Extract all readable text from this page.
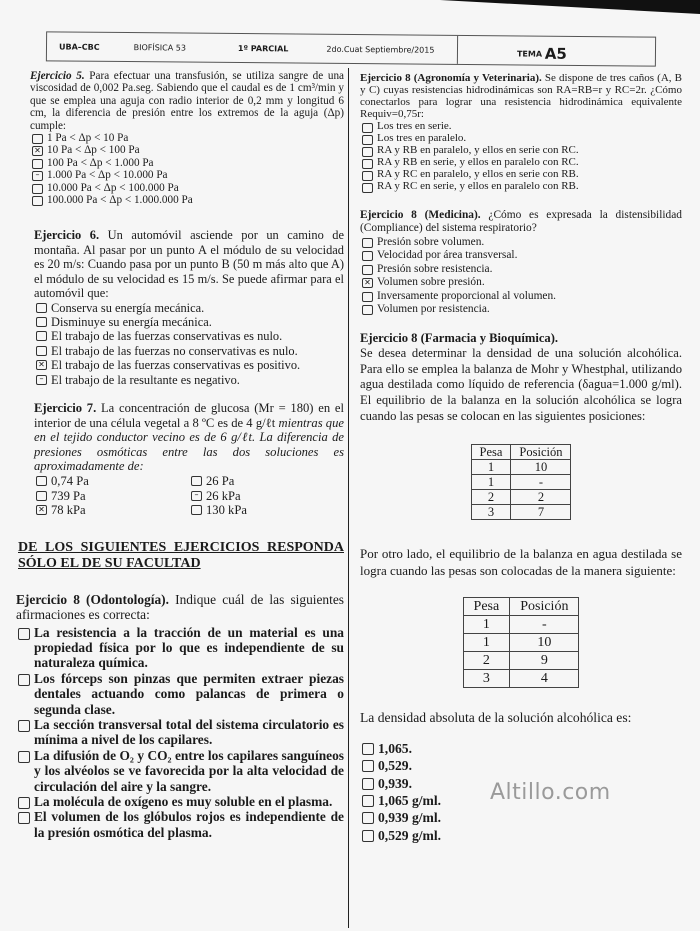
UBA–CBC	BIOFÍSICA 53	1º PARCIAL	2do.Cuat Septiembre/2015	TEMA A5

Ejercicio 5. Para efectuar una transfusión, se utiliza sangre de una viscosidad de 0,002 Pa.seg. Sabiendo que el caudal es de 1 cm³/min y que se emplea una aguja con radio interior de 0,2 mm y longitud 6 cm, la diferencia de presión entre los extremos de la aguja (Δp) cumple:

1 Pa < Δp < 10 Pa
✕
10 Pa < Δp < 100 Pa
100 Pa < Δp < 1.000 Pa
–
1.000 Pa < Δp < 10.000 Pa
10.000 Pa < Δp < 100.000 Pa
100.000 Pa < Δp < 1.000.000 Pa

Ejercicio 6. Un automóvil asciende por un camino de montaña. Al pasar por un punto A el módulo de su velocidad es 20 m/s: Cuando pasa por un punto B (50 m más alto que A) el módulo de su velocidad es 15 m/s. Se puede afirmar para el automóvil que:

Conserva su energía mecánica.
Disminuye su energía mecánica.
El trabajo de las fuerzas conservativas es nulo.
El trabajo de las fuerzas no conservativas es nulo.
✕
El trabajo de las fuerzas conservativas es positivo.
–
El trabajo de la resultante es negativo.

Ejercicio 7. La concentración de glucosa (Mr = 180) en el interior de una célula vegetal a 8 ºC es de 4 g/ℓt mientras que en el tejido conductor vecino es de 6 g/ℓt. La diferencia de presiones osmóticas entre las dos soluciones es aproximadamente de:

0,74 Pa	26 Pa
739 Pa –	26 kPa
✕
78 kPa	130 kPa
DE LOS SIGUIENTES EJERCICIOS RESPONDA SÓLO EL DE SU FACULTAD

Ejercicio 8 (Odontología). Indique cuál de las siguientes afirmaciones es correcta:

La resistencia a la tracción de un material es una propiedad física por lo que es independiente de su naturaleza química.
Los fórceps son pinzas que permiten extraer piezas dentales actuando como palancas de primera o segunda clase.
La sección transversal total del sistema circulatorio es mínima a nivel de los capilares.
La difusión de O₂ y CO₂ entre los capilares sanguíneos y los alvéolos se ve favorecida por la alta velocidad de circulación del aire y la sangre.
La molécula de oxígeno es muy soluble en el plasma.
El volumen de los glóbulos rojos es independiente de la presión osmótica del plasma.

Ejercicio 8 (Agronomía y Veterinaria). Se dispone de tres caños (A, B y C) cuyas resistencias hidrodinámicas son RA=RB=r y RC=2r. ¿Cómo conectarlos para lograr una resistencia hidrodinámica equivalente Requiv=0,75r:

Los tres en serie.
Los tres en paralelo.
RA y RB en paralelo, y ellos en serie con RC.
RA y RB en serie, y ellos en paralelo con RC.
RA y RC en paralelo, y ellos en serie con RB.
RA y RC en serie, y ellos en paralelo con RB.

Ejercicio 8 (Medicina). ¿Cómo es expresada la distensibilidad (Compliance) del sistema respiratorio?

Presión sobre volumen.
Velocidad por área transversal.
Presión sobre resistencia.
✕
Volumen sobre presión.
Inversamente proporcional al volumen.
Volumen por resistencia.

Ejercicio 8 (Farmacia y Bioquímica).

Se desea determinar la densidad de una solución alcohólica. Para ello se emplea la balanza de Mohr y Whestphal, utilizando agua destilada como líquido de referencia (δagua=1.000 g/ml). El equilibrio de la balanza en la solución alcohólica se logra cuando las pesas se colocan en las siguientes posiciones:

Pesa	Posición
1	10
1	-
2	2
3	7

Por otro lado, el equilibrio de la balanza en agua destilada se logra cuando las pesas son colocadas de la manera siguiente:

Pesa	Posición
1	-
1	10
2	9
3	4

La densidad absoluta de la solución alcohólica es:

1,065.
0,529.
0,939.
1,065 g/ml.
0,939 g/ml.
0,529 g/ml.
Altillo.com
